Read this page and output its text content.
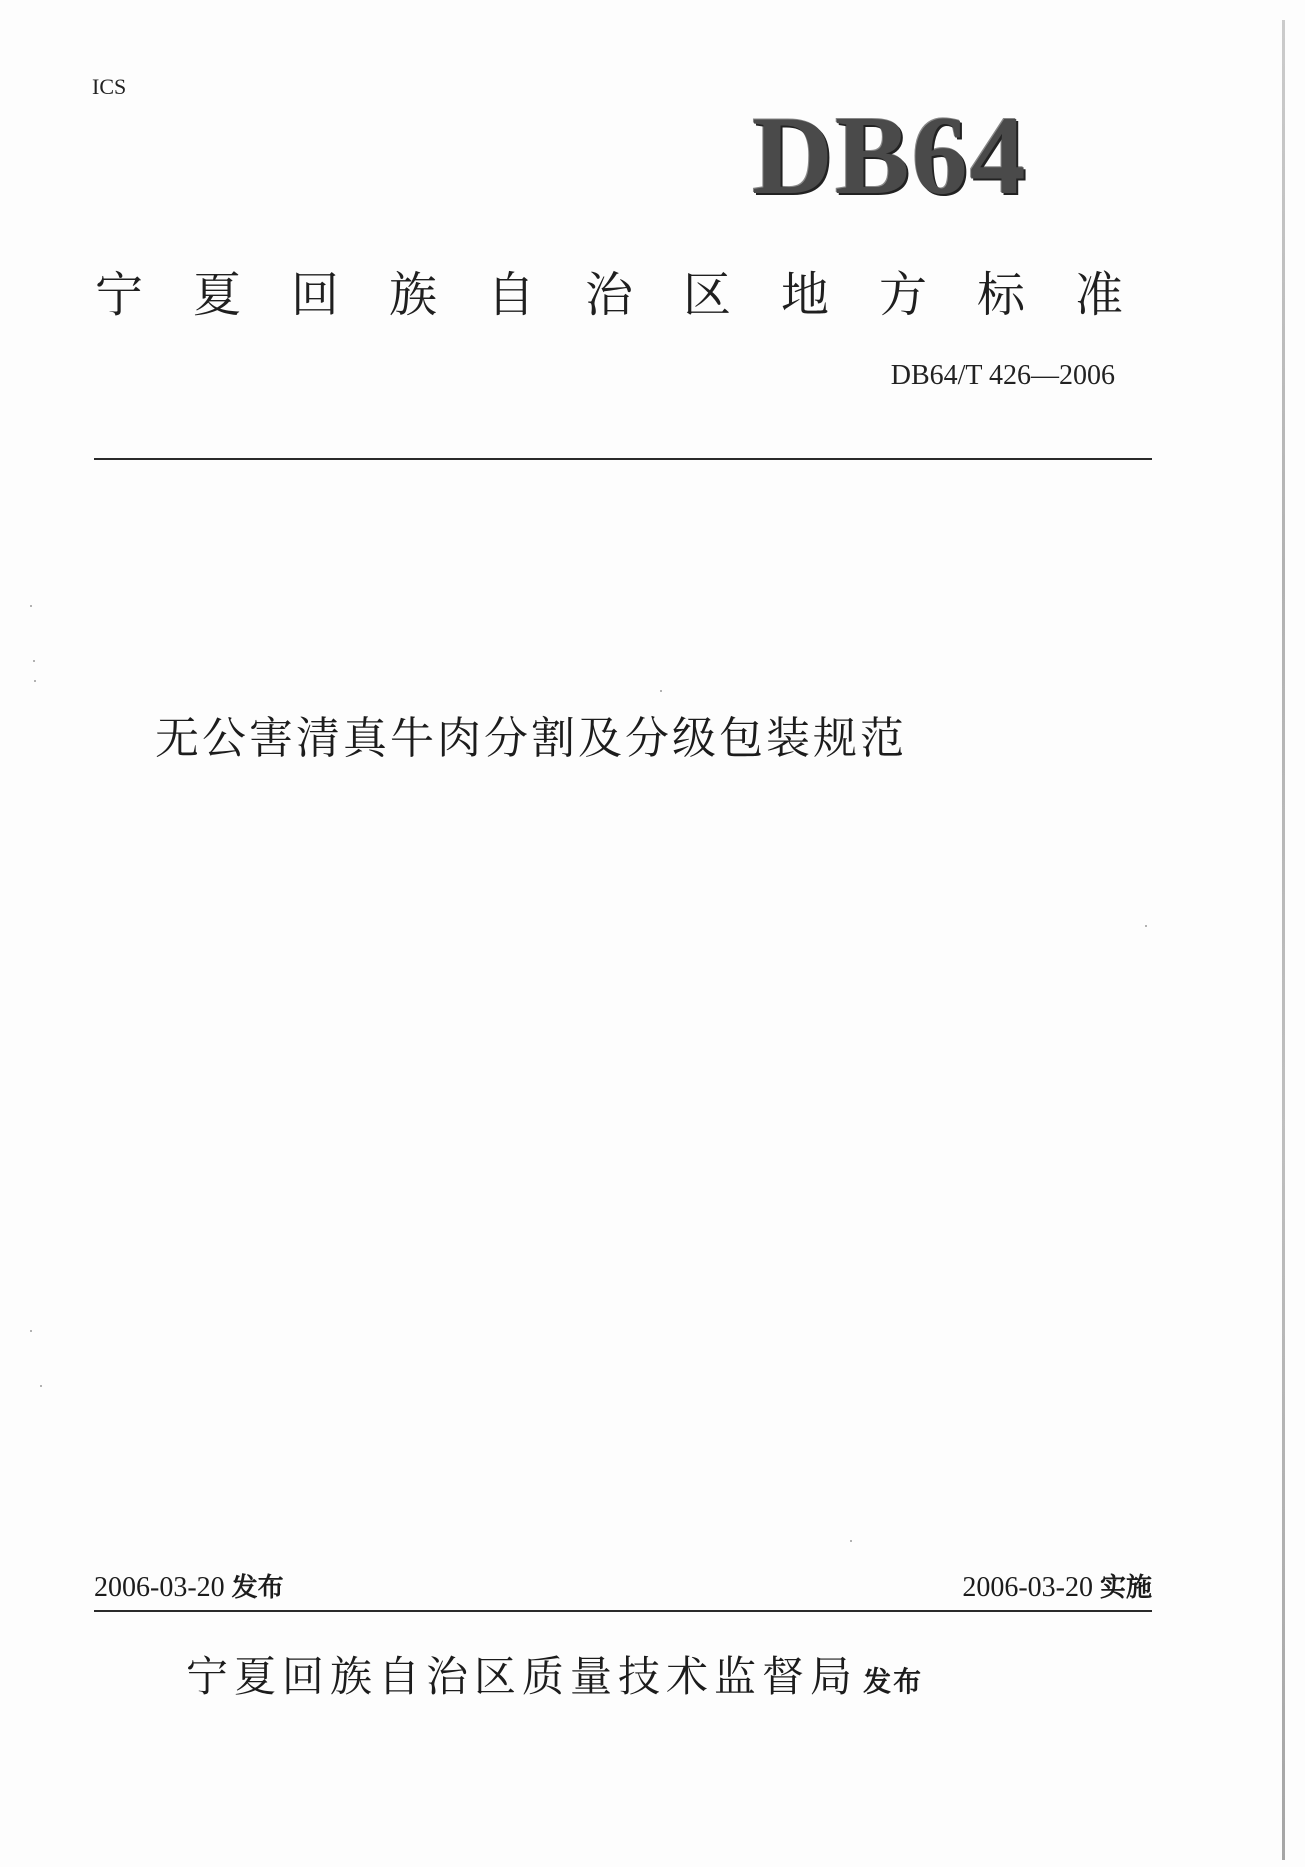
ICS
DB64
宁夏回族自治区地方标准
DB64/T 426—2006
无公害清真牛肉分割及分级包装规范
2006-03-20 发布	2006-03-20 实施
宁夏回族自治区质量技术监督局 发布
